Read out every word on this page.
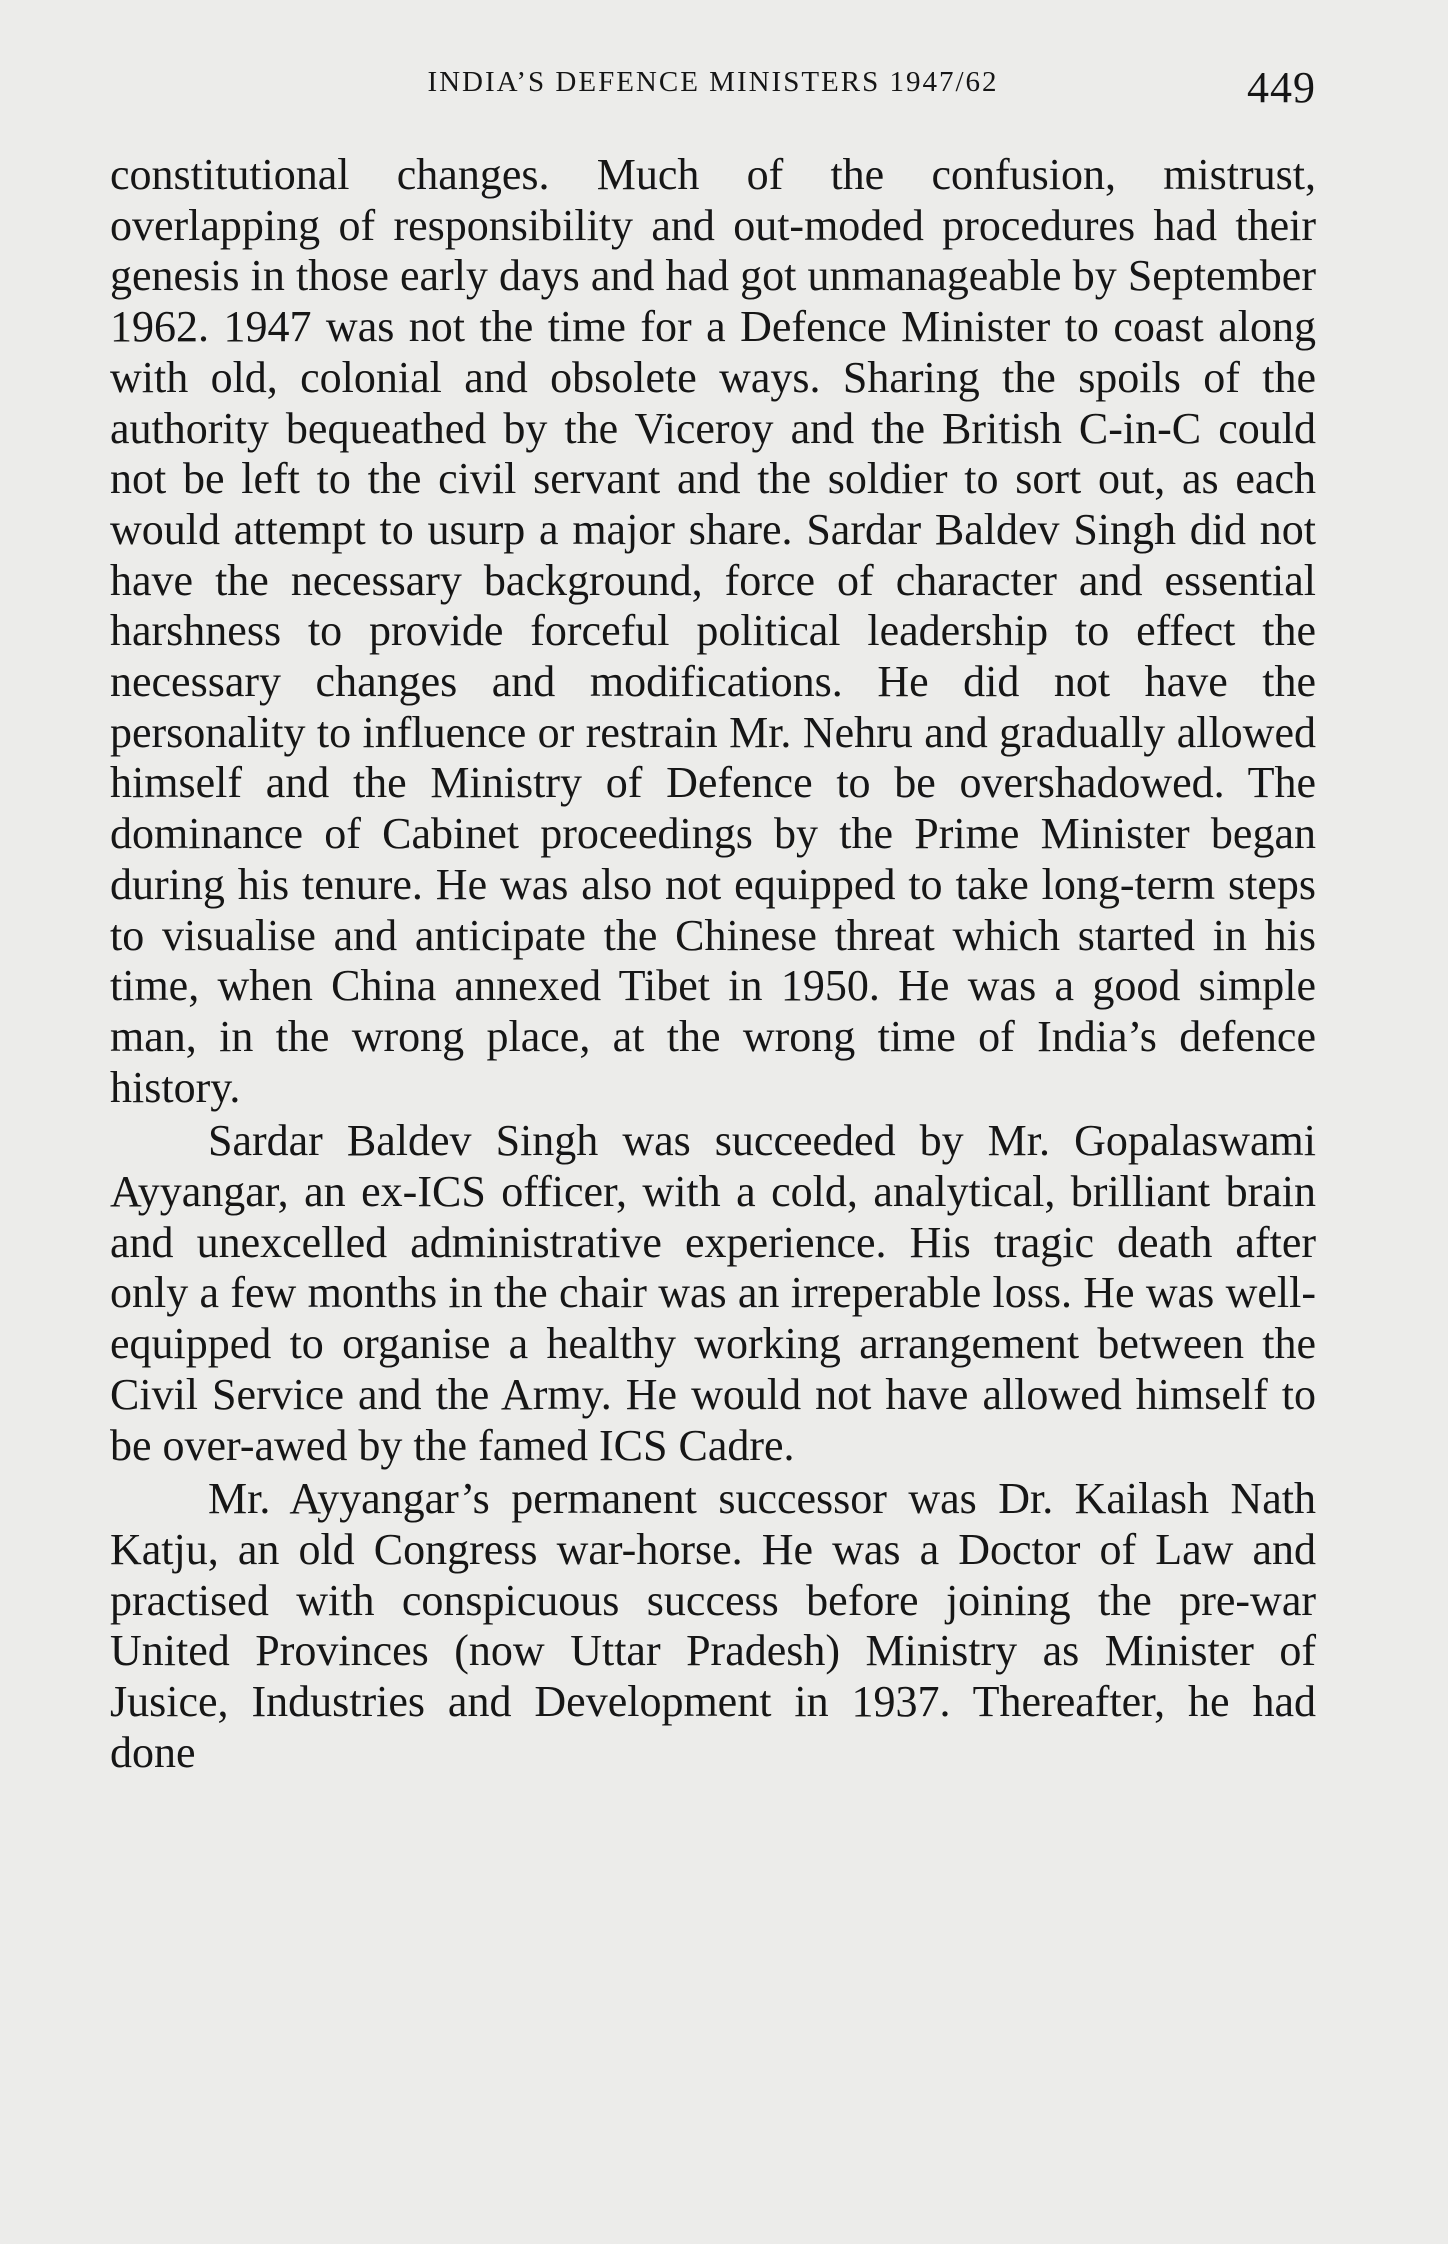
INDIA’S DEFENCE MINISTERS 1947/62	449

constitutional changes. Much of the confusion, mistrust, overlapping of responsibility and out-moded procedures had their genesis in those early days and had got unmanageable by September 1962. 1947 was not the time for a Defence Minister to coast along with old, colonial and obsolete ways. Sharing the spoils of the authority bequeathed by the Viceroy and the British C-in-C could not be left to the civil servant and the soldier to sort out, as each would attempt to usurp a major share. Sardar Baldev Singh did not have the necessary background, force of character and essential harshness to provide forceful political leadership to effect the necessary changes and modifications. He did not have the personality to influence or restrain Mr. Nehru and gradually allowed himself and the Ministry of Defence to be overshadowed. The dominance of Cabinet proceedings by the Prime Minister began during his tenure. He was also not equipped to take long-term steps to visualise and anticipate the Chinese threat which started in his time, when China annexed Tibet in 1950. He was a good simple man, in the wrong place, at the wrong time of India’s defence history.

Sardar Baldev Singh was succeeded by Mr. Gopalaswami Ayyangar, an ex-ICS officer, with a cold, analytical, brilliant brain and unexcelled administrative experience. His tragic death after only a few months in the chair was an irreperable loss. He was well-equipped to organise a healthy working arrangement between the Civil Service and the Army. He would not have allowed himself to be over-awed by the famed ICS Cadre.

Mr. Ayyangar’s permanent successor was Dr. Kailash Nath Katju, an old Congress war-horse. He was a Doctor of Law and practised with conspicuous success before joining the pre-war United Provinces (now Uttar Pradesh) Ministry as Minister of Jusice, Industries and Development in 1937. Thereafter, he had done
